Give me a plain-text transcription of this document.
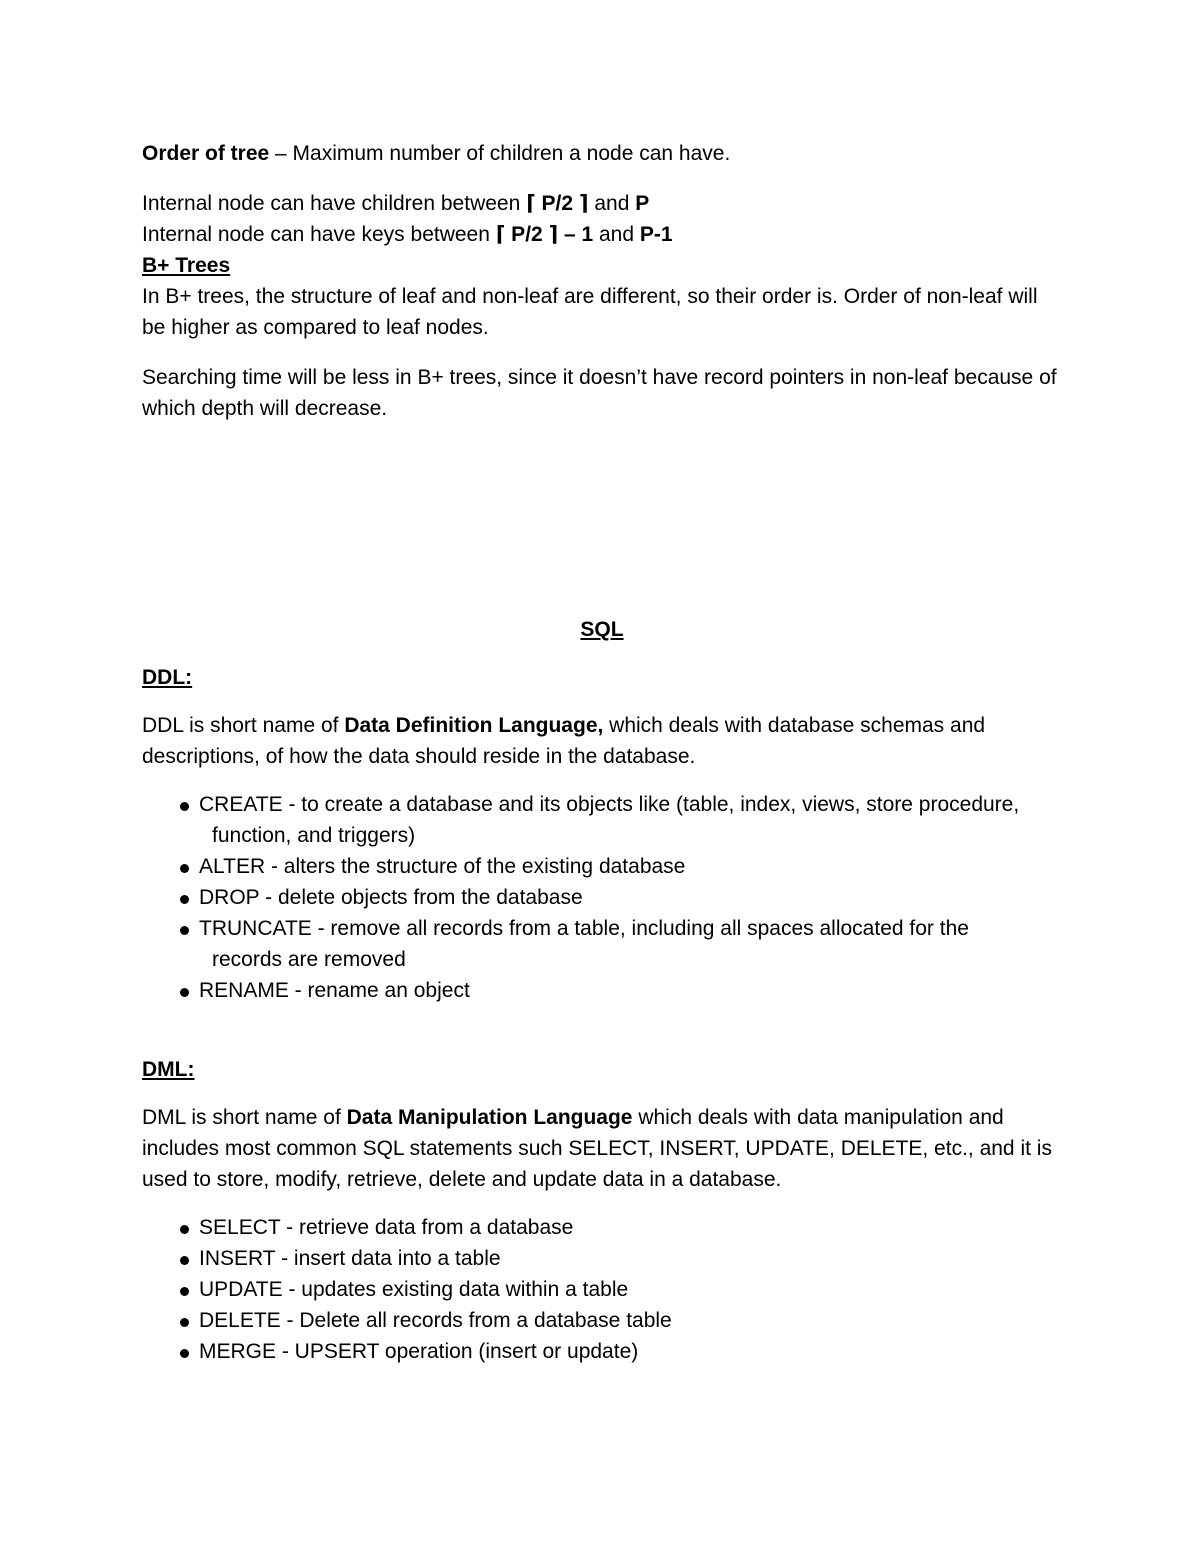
Order of tree – Maximum number of children a node can have.

Internal node can have children between ⌈ P/2 ⌉ and P

Internal node can have keys between ⌈ P/2 ⌉ – 1 and P-1

B+ Trees

In B+ trees, the structure of leaf and non-leaf are different, so their order is. Order of non-leaf will be higher as compared to leaf nodes.

Searching time will be less in B+ trees, since it doesn’t have record pointers in non-leaf because of which depth will decrease.

SQL

DDL:

DDL is short name of Data Definition Language, which deals with database schemas and descriptions, of how the data should reside in the database.

CREATE - to create a database and its objects like (table, index, views, store procedure,
function, and triggers)
ALTER - alters the structure of the existing database
DROP - delete objects from the database
TRUNCATE - remove all records from a table, including all spaces allocated for the
records are removed
RENAME - rename an object

DML:

DML is short name of Data Manipulation Language which deals with data manipulation and includes most common SQL statements such SELECT, INSERT, UPDATE, DELETE, etc., and it is used to store, modify, retrieve, delete and update data in a database.

SELECT - retrieve data from a database
INSERT - insert data into a table
UPDATE - updates existing data within a table
DELETE - Delete all records from a database table
MERGE - UPSERT operation (insert or update)
